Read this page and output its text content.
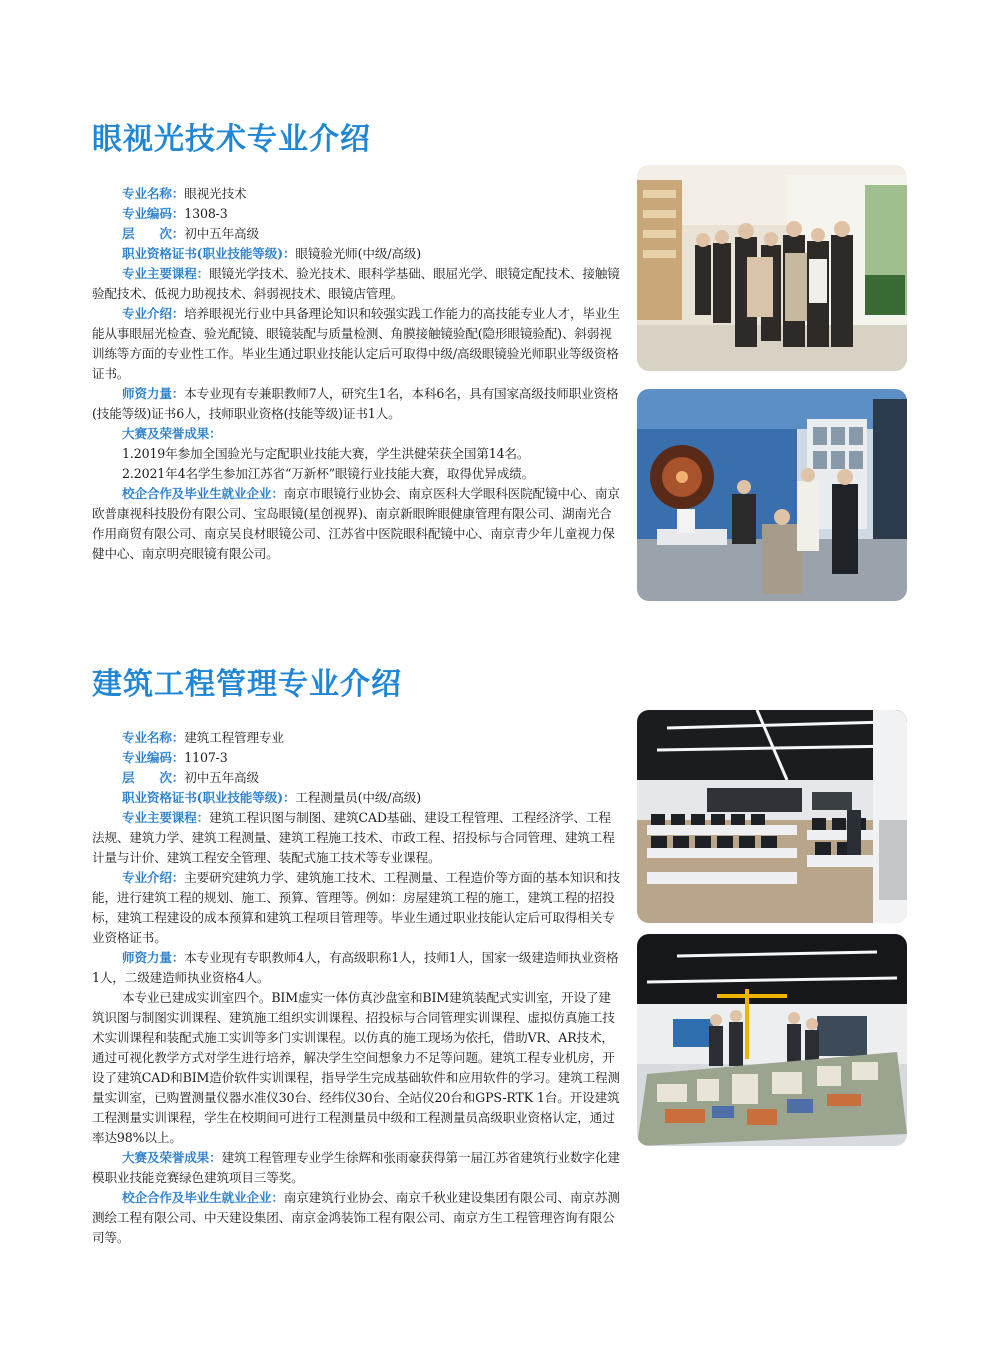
眼视光技术专业介绍

专业名称：眼视光技术

专业编码：1308-3

层　　次：初中五年高级

职业资格证书(职业技能等级)：眼镜验光师(中级/高级)

专业主要课程：眼镜光学技术、验光技术、眼科学基础、眼屈光学、眼镜定配技术、接触镜验配技术、低视力助视技术、斜弱视技术、眼镜店管理。

专业介绍：培养眼视光行业中具备理论知识和较强实践工作能力的高技能专业人才，毕业生能从事眼屈光检查、验光配镜、眼镜装配与质量检测、角膜接触镜验配(隐形眼镜验配)、斜弱视训练等方面的专业性工作。毕业生通过职业技能认定后可取得中级/高级眼镜验光师职业等级资格证书。

师资力量：本专业现有专兼职教师7人，研究生1名，本科6名，具有国家高级技师职业资格(技能等级)证书6人，技师职业资格(技能等级)证书1人。

大赛及荣誉成果：

1.2019年参加全国验光与定配职业技能大赛，学生洪健荣获全国第14名。

2.2021年4名学生参加江苏省“万新杯”眼镜行业技能大赛，取得优异成绩。

校企合作及毕业生就业企业：南京市眼镜行业协会、南京医科大学眼科医院配镜中心、南京欧普康视科技股份有限公司、宝岛眼镜(星创视界)、南京新眼眸眼健康管理有限公司、湖南光合作用商贸有限公司、南京吴良材眼镜公司、江苏省中医院眼科配镜中心、南京青少年儿童视力保健中心、南京明亮眼镜有限公司。

建筑工程管理专业介绍

专业名称：建筑工程管理专业

专业编码：1107-3

层　　次：初中五年高级

职业资格证书(职业技能等级)：工程测量员(中级/高级)

专业主要课程：建筑工程识图与制图、建筑CAD基础、建设工程管理、工程经济学、工程法规、建筑力学、建筑工程测量、建筑工程施工技术、市政工程、招投标与合同管理、建筑工程计量与计价、建筑工程安全管理、装配式施工技术等专业课程。

专业介绍：主要研究建筑力学、建筑施工技术、工程测量、工程造价等方面的基本知识和技能，进行建筑工程的规划、施工、预算、管理等。例如：房屋建筑工程的施工，建筑工程的招投标，建筑工程建设的成本预算和建筑工程项目管理等。毕业生通过职业技能认定后可取得相关专业资格证书。

师资力量：本专业现有专职教师4人，有高级职称1人，技师1人，国家一级建造师执业资格1人，二级建造师执业资格4人。

本专业已建成实训室四个。BIM虚实一体仿真沙盘室和BIM建筑装配式实训室，开设了建筑识图与制图实训课程、建筑施工组织实训课程、招投标与合同管理实训课程、虚拟仿真施工技术实训课程和装配式施工实训等多门实训课程。以仿真的施工现场为依托，借助VR、AR技术，通过可视化教学方式对学生进行培养，解决学生空间想象力不足等问题。建筑工程专业机房，开设了建筑CAD和BIM造价软件实训课程，指导学生完成基础软件和应用软件的学习。建筑工程测量实训室，已购置测量仪器水准仪30台、经纬仪30台、全站仪20台和GPS-RTK 1台。开设建筑工程测量实训课程，学生在校期间可进行工程测量员中级和工程测量员高级职业资格认定，通过率达98%以上。

大赛及荣誉成果：建筑工程管理专业学生徐辉和张雨豪获得第一届江苏省建筑行业数字化建模职业技能竞赛绿色建筑项目三等奖。

校企合作及毕业生就业企业：南京建筑行业协会、南京千秋业建设集团有限公司、南京苏测测绘工程有限公司、中天建设集团、南京金鸿装饰工程有限公司、南京方生工程管理咨询有限公司等。
